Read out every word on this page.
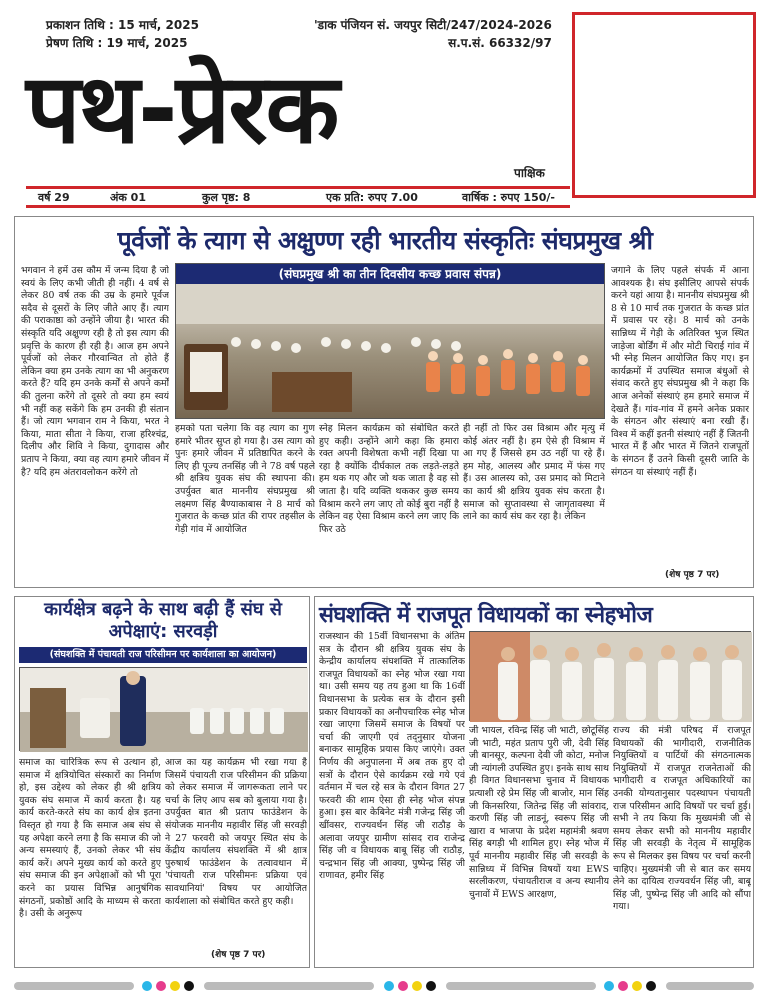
प्रकाशन तिथि : 15 मार्च, 2025
प्रेषण तिथि : 19 मार्च, 2025
'डाक पंजियन सं. जयपुर सिटी/247/2024-2026
स.प.सं. 66332/97
पथ-प्रेरक
पाक्षिक
वर्ष 29	अंक 01	कुल पृष्ठ: 8	एक प्रति: रुपए 7.00	वार्षिक : रुपए 150/-
पूर्वजों के त्याग से अक्षुण्ण रही भारतीय संस्कृतिः संघप्रमुख श्री
भगवान ने हमें उस कौम में जन्म दिया है जो स्वयं के लिए कभी जीती ही नहीं। 4 वर्ष से लेकर 80 वर्ष तक की उम्र के हमारे पूर्वज सदैव से दूसरों के लिए जीते आए हैं। त्याग की पराकाष्ठा को उन्होंने जीया है। भारत की संस्कृति यदि अक्षुण्ण रही है तो इस त्याग की प्रवृत्ति के कारण ही रही है। आज हम अपने पूर्वजों को लेकर गौरवान्वित तो होते हैं लेकिन क्या हम उनके त्याग का भी अनुकरण करते हैं? यदि हम उनके कर्मों से अपने कर्मों की तुलना करेंगे तो दूसरे तो क्या हम स्वयं भी नहीं कह सकेंगे कि हम उनकी ही संतान हैं। जो त्याग भगवान राम ने किया, भरत ने किया, माता सीता ने किया, राजा हरिश्चंद्र, दिलीप और शिवि ने किया, दुगादास और प्रताप ने किया, क्या वह त्याग हमारे जीवन में है? यदि हम अंतरावलोकन करेंगे तो
(संघप्रमुख श्री का तीन दिवसीय कच्छ प्रवास संपन्न)
हमको पता चलेगा कि वह त्याग का गुण हमारे भीतर सुप्त हो गया है। उस त्याग को पुनः हमारे जीवन में प्रतिष्ठापित करने के लिए ही पूज्य तनसिंह जी ने 78 वर्ष पहले श्री क्षत्रिय युवक संघ की स्थापना की। उपर्युक्त बात माननीय संघप्रमुख श्री लक्ष्मण सिंह बैण्याकाबास ने 8 मार्च को गुजरात के कच्छ प्रांत की रापर तहसील के गेड़ी गांव में आयोजित
स्नेह मिलन कार्यक्रम को संबोधित करते हुए कही। उन्होंने आगे कहा कि हमारा रक्त अपनी विशेषता कभी नहीं दिखा पा रहा है क्योंकि दीर्घकाल तक लड़ते-लड़ते हम थक गए और जो थक जाता है वह सो जाता है। यदि व्यक्ति थककर कुछ समय विश्राम करने लग जाए तो कोई बुरा नहीं है लेकिन वह ऐसा विश्राम करने लग जाए कि फिर उठे
ही नहीं तो फिर उस विश्राम और मृत्यु में कोई अंतर नहीं है। हम ऐसे ही विश्राम में आ गए हैं जिससे हम उठ नहीं पा रहे हैं। हम मोह, आलस्य और प्रमाद में फंस गए हैं। उस आलस्य को, उस प्रमाद को मिटाने का कार्य श्री क्षत्रिय युवक संघ करता है। समाज को सुप्तावस्था से जागृतावस्था में लाने का कार्य संघ कर रहा है। लेकिन
जगाने के लिए पहले संपर्क में आना आवश्यक है। संघ इसीलिए आपसे संपर्क करने यहां आया है। माननीय संघप्रमुख श्री 8 से 10 मार्च तक गुजरात के कच्छ प्रांत में प्रवास पर रहे। 8 मार्च को उनके सान्निध्य में गेड़ी के अतिरिक्त भुज स्थित जाड़ेजा बोर्डिंग में और मोटी चिराई गांव में भी स्नेह मिलन आयोजित किए गए। इन कार्यक्रमों में उपस्थित समाज बंधुओं से संवाद करते हुए संघप्रमुख श्री ने कहा कि आज अनेकों संस्थाएं हम हमारे समाज में देखते हैं। गांव-गांव में हमने अनेक प्रकार के संगठन और संस्थाएं बना रखी हैं। विश्व में कहीं इतनी संस्थाएं नहीं हैं जितनी भारत में हैं और भारत में जितने राजपूतों के संगठन हैं उतने किसी दूसरी जाति के संगठन या संस्थाएं नहीं हैं।
(शेष पृष्ठ 7 पर)
कार्यक्षेत्र बढ़ने के साथ बढ़ी हैं संघ से अपेक्षाएं: सरवड़ी
(संघशक्ति में पंचायती राज परिसीमन पर कार्यशाला का आयोजन)
समाज का चारित्रिक रूप से उत्थान हो, समाज में क्षत्रियोचित संस्कारों का निर्माण हो, इस उद्देश्य को लेकर ही श्री क्षत्रिय युवक संघ समाज में कार्य करता है। यह कार्य करते-करते संघ का कार्य क्षेत्र इतना विस्तृत हो गया है कि समाज अब संघ से यह अपेक्षा करने लगा है कि समाज की जो अन्य समस्याएं हैं, उनको लेकर भी संघ कार्य करें। अपने मुख्य कार्य को करते हुए संघ समाज की इन अपेक्षाओं को भी पूरा करने का प्रयास विभिन्न आनुषंगिक संगठनों, प्रकोष्ठों आदि के माध्यम से करता है। उसी के अनुरूप
आज का यह कार्यक्रम भी रखा गया है जिसमें पंचायती राज परिसीमन की प्रक्रिया को लेकर समाज में जागरूकता लाने पर चर्चा के लिए आप सब को बुलाया गया है। उपर्युक्त बात श्री प्रताप फाउंडेशन के संयोजक माननीय महावीर सिंह जी सरवड़ी ने 27 फरवरी को जयपुर स्थित संघ के केंद्रीय कार्यालय संघशक्ति में श्री क्षात्र पुरुषार्थ फाउंडेशन के तत्वावधान में 'पंचायती राज परिसीमनः प्रक्रिया एवं सावधानियां' विषय पर आयोजित कार्यशाला को संबोधित करते हुए कही।
(शेष पृष्ठ 7 पर)
संघशक्ति में राजपूत विधायकों का स्नेहभोज
राजस्थान की 15वीं विधानसभा के अंतिम सत्र के दौरान श्री क्षत्रिय युवक संघ के केन्द्रीय कार्यालय संघशक्ति में तात्कालिक राजपूत विधायकों का स्नेह भोज रखा गया था। उसी समय यह तय हुआ था कि 16वीं विधानसभा के प्रत्येक सत्र के दौरान इसी प्रकार विधायकों का अनौपचारिक स्नेह भोज रखा जाएगा जिसमें समाज के विषयों पर चर्चा की जाएगी एवं तद्नुसार योजना बनाकर सामूहिक प्रयास किए जाएंगे। उक्त निर्णय की अनुपालना में अब तक हुए दो सत्रों के दौरान ऐसे कार्यक्रम रखे गये एवं वर्तमान में चल रहे सत्र के दौरान विगत 27 फरवरी की शाम ऐसा ही स्नेह भोज संपन्न हुआ। इस बार केबिनेट मंत्री गजेन्द्र सिंह जी खींवसर, राज्यवर्धन सिंह जी राठौड़ के अलावा जयपुर ग्रामीण सांसद राव राजेन्द्र सिंह जी व विधायक बाबू सिंह जी राठौड़, चन्द्रभान सिंह जी आक्या, पुष्पेन्द्र सिंह जी राणावत, हमीर सिंह
जी भायल, रविन्द्र सिंह जी भाटी, छोटूसिंह जी भाटी, महंत प्रताप पुरी जी, देवी सिंह जी बानसूर, कल्पना देवी जी कोटा, मनोज जी न्यांगली उपस्थित हुए। इनके साथ साथ ही विगत विधानसभा चुनाव में विधायक प्रत्याशी रहे प्रेम सिंह जी बाजोर, मान सिंह जी किनसरिया, जितेन्द्र सिंह जी सांवराद, करणी सिंह जी लाडनूं, स्वरूप सिंह जी खारा व भाजपा के प्रदेश महामंत्री श्रवण सिंह बगड़ी भी शामिल हुए। स्नेह भोज में पूर्व माननीय महावीर सिंह जी सरवड़ी के सान्निध्य में विभिन्न विषयों यथा EWS सरलीकरण, पंचायतीराज व अन्य स्थानीय चुनावों में EWS आरक्षण,
राज्य की मंत्री परिषद में राजपूत विधायकों की भागीदारी, राजनीतिक नियुक्तियों व पार्टियों की संगठनात्मक नियुक्तियों में राजपूत राजनेताओं की भागीदारी व राजपूत अधिकारियों का उनकी योग्यतानुसार पदस्थापन पंचायती राज परिसीमन आदि विषयों पर चर्चा हुई। सभी ने तय किया कि मुख्यमंत्री जी से समय लेकर सभी को माननीय महावीर सिंह जी सरवड़ी के नेतृत्व में सामूहिक रूप से मिलकर इस विषय पर चर्चा करनी चाहिए। मुख्यमंत्री जी से बात कर समय लेने का दायित्व राज्यवर्धन सिंह जी, बाबू सिंह जी, पुष्पेन्द्र सिंह जी आदि को सौंपा गया।
